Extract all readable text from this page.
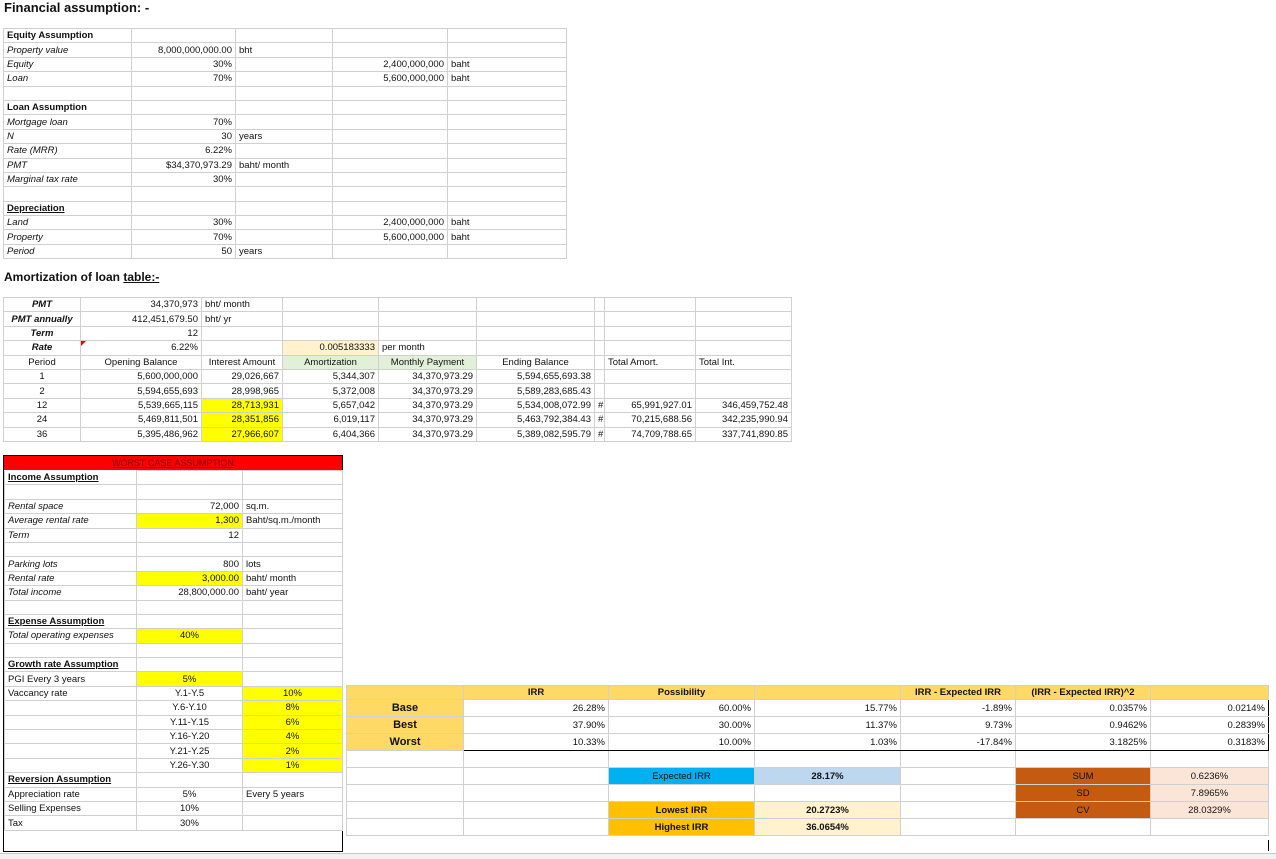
Financial assumption: -
Equity Assumption				
Property value	8,000,000,000.00	bht		
Equity	30%		2,400,000,000	baht
Loan	70%		5,600,000,000	baht

Loan Assumption				
Mortgage loan	70%			
N	30	years		
Rate (MRR)	6.22%			
PMT	$34,370,973.29	baht/ month		
Marginal tax rate	30%			

Depreciation				
Land	30%		2,400,000,000	baht
Property	70%		5,600,000,000	baht
Period	50	years		
Amortization of loan table:-
PMT	34,370,973	bht/ month						
PMT annually	412,451,679.50	bht/ yr						
Term	12							
Rate	6.22%		0.005183333	per month				
Period	Opening Balance	Interest Amount	Amortization	Monthly Payment	Ending Balance		Total Amort.	Total Int.
1	5,600,000,000	29,026,667	5,344,307	34,370,973.29	5,594,655,693.38			
2	5,594,655,693	28,998,965	5,372,008	34,370,973.29	5,589,283,685.43			
12	5,539,665,115	28,713,931	5,657,042	34,370,973.29	5,534,008,072.99	#	65,991,927.01	346,459,752.48
24	5,469,811,501	28,351,856	6,019,117	34,370,973.29	5,463,792,384.43	#	70,215,688.56	342,235,990.94
36	5,395,486,962	27,966,607	6,404,366	34,370,973.29	5,389,082,595.79	#	74,709,788.65	337,741,890.85
WORST CASE ASSUMPTION
Income Assumption		

Rental space	72,000	sq.m.
Average rental rate	1,300	Baht/sq.m./month
Term	12	

Parking lots	800	lots
Rental rate	3,000.00	baht/ month
Total income	28,800,000.00	baht/ year

Expense Assumption		
Total operating expenses	40%	

Growth rate Assumption		
PGI Every 3 years	5%	
Vaccancy rate	Y.1-Y.5	10%
	Y.6-Y.10	8%
	Y.11-Y.15	6%
	Y.16-Y.20	4%
	Y.21-Y.25	2%
	Y.26-Y.30	1%
Reversion Assumption		
Appreciation rate	5%	Every 5 years
Selling Expenses	10%	
Tax	30%	
	IRR	Possibility		IRR - Expected IRR	(IRR - Expected IRR)^2	
Base	26.28%	60.00%	15.77%	-1.89%	0.0357%	0.0214%
Best	37.90%	30.00%	11.37%	9.73%	0.9462%	0.2839%
Worst	10.33%	10.00%	1.03%	-17.84%	3.1825%	0.3183%

		Expected IRR	28.17%		SUM	0.6236%
					SD	7.8965%
		Lowest IRR	20.2723%		CV	28.0329%
		Highest IRR	36.0654%			
